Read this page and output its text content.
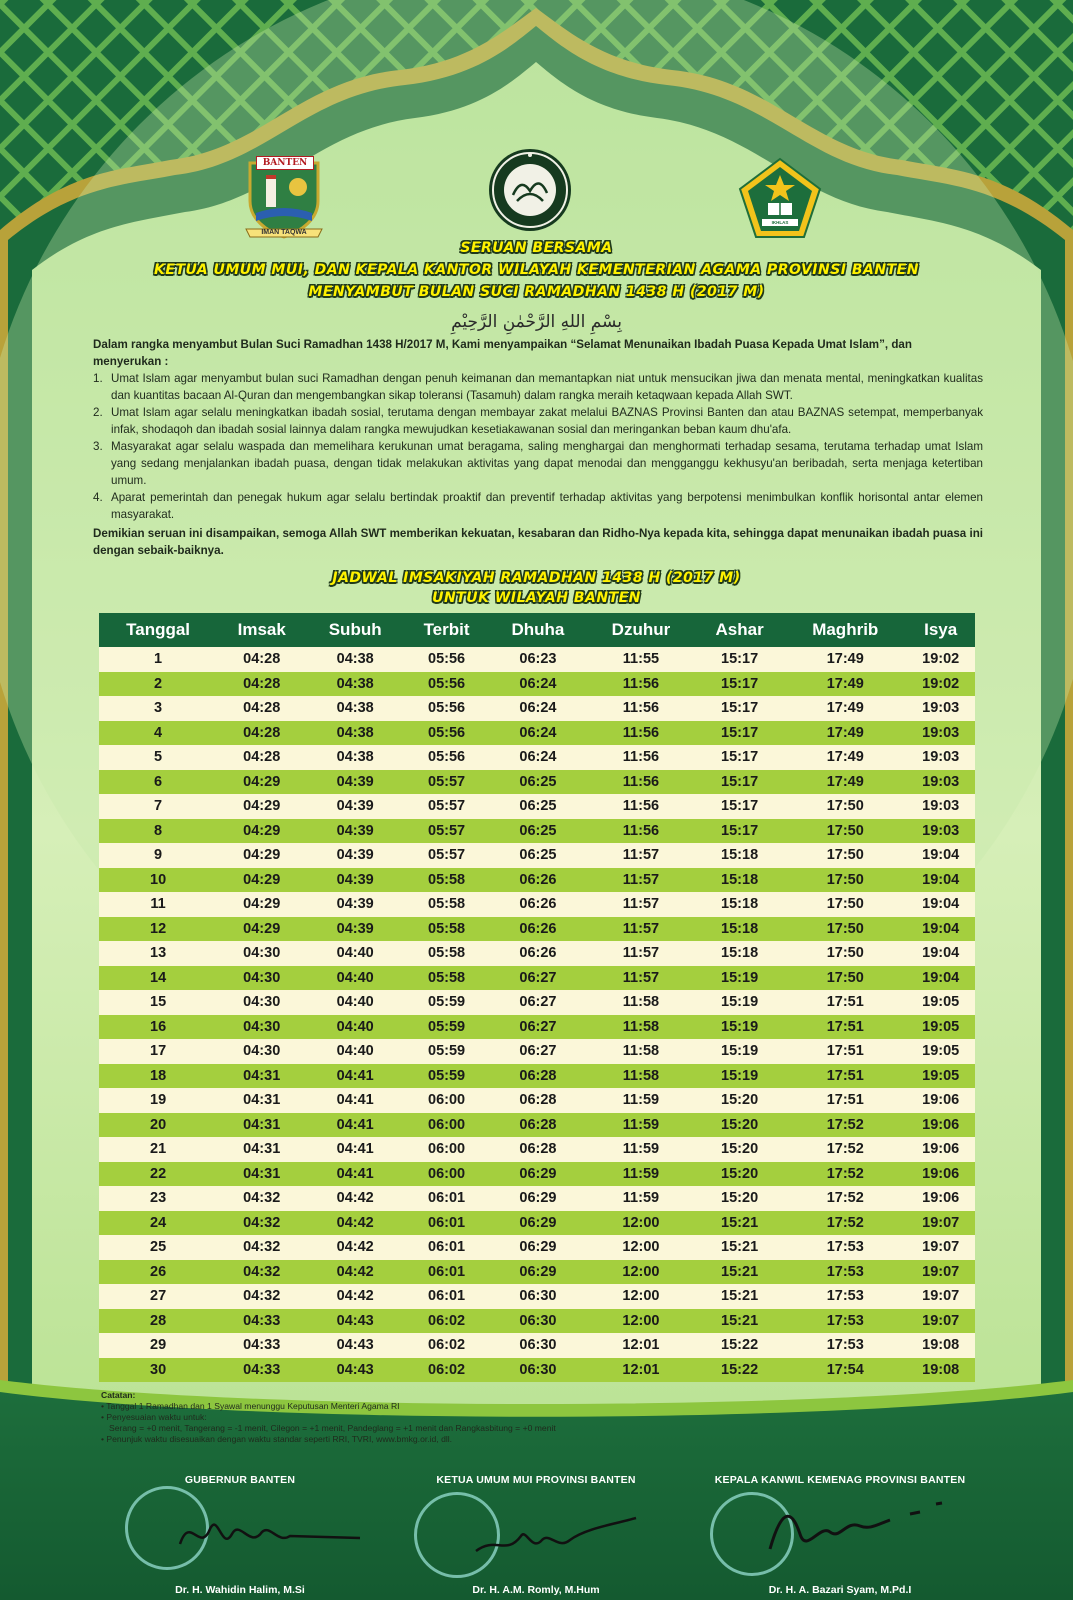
BANTEN
IMAN TAQWA
IKHLAS BERAMAL
SERUAN BERSAMA
KETUA UMUM MUI, DAN KEPALA KANTOR WILAYAH KEMENTERIAN AGAMA PROVINSI BANTEN
MENYAMBUT BULAN SUCI RAMADHAN 1438 H (2017 M)
بِسْمِ اللهِ الرَّحْمٰنِ الرَّحِيْمِ
Dalam rangka menyambut Bulan Suci Ramadhan 1438 H/2017 M, Kami menyampaikan “Selamat Menunaikan Ibadah Puasa Kepada Umat Islam”, dan menyerukan :
1. Umat Islam agar menyambut bulan suci Ramadhan dengan penuh keimanan dan memantapkan niat untuk mensucikan jiwa dan menata mental, meningkatkan kualitas dan kuantitas bacaan Al-Quran dan mengembangkan sikap toleransi (Tasamuh) dalam rangka meraih ketaqwaan kepada Allah SWT.
2. Umat Islam agar selalu meningkatkan ibadah sosial, terutama dengan membayar zakat melalui BAZNAS Provinsi Banten dan atau BAZNAS setempat, memperbanyak infak, shodaqoh dan ibadah sosial lainnya dalam rangka mewujudkan kesetiakawanan sosial dan meringankan beban kaum dhu'afa.
3. Masyarakat agar selalu waspada dan memelihara kerukunan umat beragama, saling menghargai dan menghormati terhadap sesama, terutama terhadap umat Islam yang sedang menjalankan ibadah puasa, dengan tidak melakukan aktivitas yang dapat menodai dan mengganggu kekhusyu'an beribadah, serta menjaga ketertiban umum.
4. Aparat pemerintah dan penegak hukum agar selalu bertindak proaktif dan preventif terhadap aktivitas yang berpotensi menimbulkan konflik horisontal antar elemen masyarakat.
Demikian seruan ini disampaikan, semoga Allah SWT memberikan kekuatan, kesabaran dan Ridho-Nya kepada kita, sehingga dapat menunaikan ibadah puasa ini dengan sebaik-baiknya.
JADWAL IMSAKIYAH RAMADHAN 1438 H (2017 M)
UNTUK WILAYAH BANTEN
Tanggal	Imsak	Subuh	Terbit	Dhuha	Dzuhur	Ashar	Maghrib	Isya
1	04:28	04:38	05:56	06:23	11:55	15:17	17:49	19:02
2	04:28	04:38	05:56	06:24	11:56	15:17	17:49	19:02
3	04:28	04:38	05:56	06:24	11:56	15:17	17:49	19:03
4	04:28	04:38	05:56	06:24	11:56	15:17	17:49	19:03
5	04:28	04:38	05:56	06:24	11:56	15:17	17:49	19:03
6	04:29	04:39	05:57	06:25	11:56	15:17	17:49	19:03
7	04:29	04:39	05:57	06:25	11:56	15:17	17:50	19:03
8	04:29	04:39	05:57	06:25	11:56	15:17	17:50	19:03
9	04:29	04:39	05:57	06:25	11:57	15:18	17:50	19:04
10	04:29	04:39	05:58	06:26	11:57	15:18	17:50	19:04
11	04:29	04:39	05:58	06:26	11:57	15:18	17:50	19:04
12	04:29	04:39	05:58	06:26	11:57	15:18	17:50	19:04
13	04:30	04:40	05:58	06:26	11:57	15:18	17:50	19:04
14	04:30	04:40	05:58	06:27	11:57	15:19	17:50	19:04
15	04:30	04:40	05:59	06:27	11:58	15:19	17:51	19:05
16	04:30	04:40	05:59	06:27	11:58	15:19	17:51	19:05
17	04:30	04:40	05:59	06:27	11:58	15:19	17:51	19:05
18	04:31	04:41	05:59	06:28	11:58	15:19	17:51	19:05
19	04:31	04:41	06:00	06:28	11:59	15:20	17:51	19:06
20	04:31	04:41	06:00	06:28	11:59	15:20	17:52	19:06
21	04:31	04:41	06:00	06:28	11:59	15:20	17:52	19:06
22	04:31	04:41	06:00	06:29	11:59	15:20	17:52	19:06
23	04:32	04:42	06:01	06:29	11:59	15:20	17:52	19:06
24	04:32	04:42	06:01	06:29	12:00	15:21	17:52	19:07
25	04:32	04:42	06:01	06:29	12:00	15:21	17:53	19:07
26	04:32	04:42	06:01	06:29	12:00	15:21	17:53	19:07
27	04:32	04:42	06:01	06:30	12:00	15:21	17:53	19:07
28	04:33	04:43	06:02	06:30	12:00	15:21	17:53	19:07
29	04:33	04:43	06:02	06:30	12:01	15:22	17:53	19:08
30	04:33	04:43	06:02	06:30	12:01	15:22	17:54	19:08
Catatan:
• Tanggal 1 Ramadhan dan 1 Syawal menunggu Keputusan Menteri Agama RI
• Penyesuaian waktu untuk:
Serang = +0 menit, Tangerang = -1 menit, Cilegon = +1 menit, Pandeglang = +1 menit dan Rangkasbitung = +0 menit
• Penunjuk waktu disesuaikan dengan waktu standar seperti RRI, TVRI, www.bmkg.or.id, dll.
GUBERNUR BANTEN
Dr. H. Wahidin Halim, M.Si
KETUA UMUM MUI PROVINSI BANTEN
Dr. H. A.M. Romly, M.Hum
KEPALA KANWIL KEMENAG PROVINSI BANTEN
Dr. H. A. Bazari Syam, M.Pd.I
